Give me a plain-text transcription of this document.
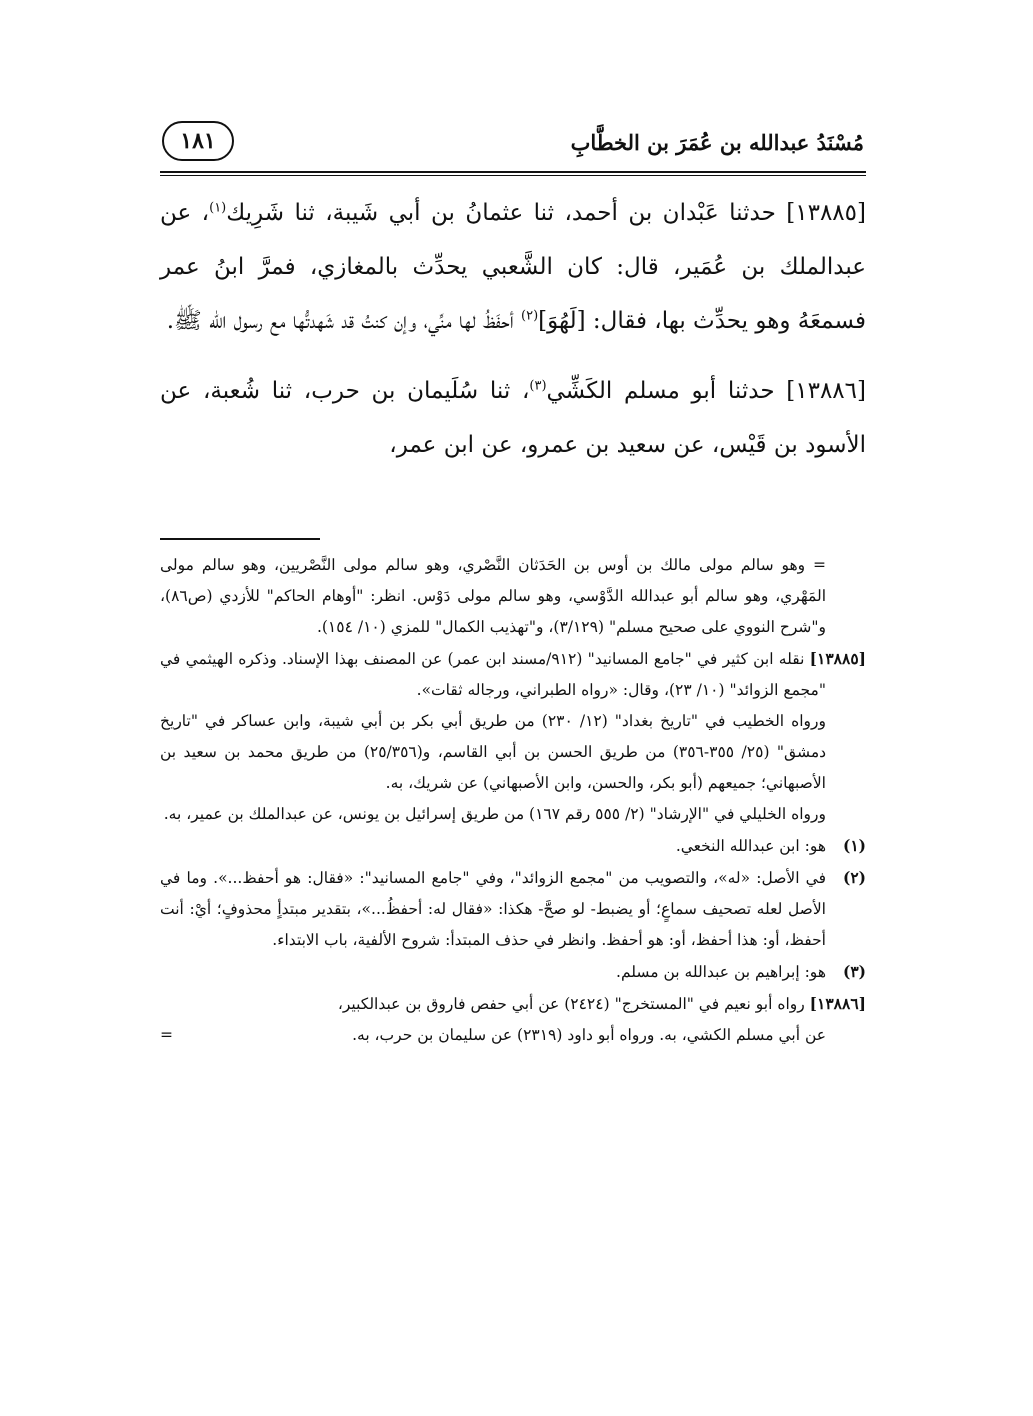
مُسْنَدُ عبدالله بن عُمَرَ بن الخطَّابِ
١٨١

[١٣٨٨٥] حدثنا عَبْدان بن أحمد، ثنا عثمانُ بن أبي شَيبة، ثنا شَرِيك$^{(١)}$، عن عبدالملك بن عُمَير، قال: كان الشَّعبي يحدِّث بالمغازي، فمرَّ ابنُ عمر فسمعَهُ وهو يحدِّث بها، فقال: [لَهُوَ]$^{(٢)}$ أحفَظُ لها منِّي، وإن كنتُ قد شَهدتُّها مع رسول الله ﷺ.

[١٣٨٨٦] حدثنا أبو مسلم الكَشِّي$^{(٣)}$، ثنا سُلَيمان بن حرب، ثنا شُعبة، عن الأسود بن قَيْس، عن سعيد بن عمرو، عن ابن عمر،

= وهو سالم مولى مالك بن أوس بن الحَدَثان النَّصْري، وهو سالم مولى النَّصْريين، وهو سالم مولى المَهْري، وهو سالم أبو عبدالله الدَّوْسي، وهو سالم مولى دَوْس. انظر: "أوهام الحاكم" للأزدي (ص٨٦)، و"شرح النووي على صحيح مسلم" (٣/١٢٩)، و"تهذيب الكمال" للمزي (١٠/ ١٥٤).

[١٣٨٨٥] نقله ابن كثير في "جامع المسانيد" (٩١٢/مسند ابن عمر) عن المصنف بهذا الإسناد. وذكره الهيثمي في "مجمع الزوائد" (١٠/ ٢٣)، وقال: «رواه الطبراني، ورجاله ثقات».

ورواه الخطيب في "تاريخ بغداد" (١٢/ ٢٣٠) من طريق أبي بكر بن أبي شيبة، وابن عساكر في "تاريخ دمشق" (٢٥/ ٣٥٥-٣٥٦) من طريق الحسن بن أبي القاسم، و(٢٥/٣٥٦) من طريق محمد بن سعيد بن الأصبهاني؛ جميعهم (أبو بكر، والحسن، وابن الأصبهاني) عن شريك، به.

ورواه الخليلي في "الإرشاد" (٢/ ٥٥٥ رقم ١٦٧) من طريق إسرائيل بن يونس، عن عبدالملك بن عمير، به.

(١)هو: ابن عبدالله النخعي.

(٢)في الأصل: «له»، والتصويب من "مجمع الزوائد"، وفي "جامع المسانيد": «فقال: هو أحفظ...». وما في الأصل لعله تصحيف سماعٍ؛ أو يضبط- لو صحَّ- هكذا: «فقال له: أحفظُ...»، بتقدير مبتدأٍ محذوفٍ؛ أيْ: أنت أحفظ، أو: هذا أحفظ، أو: هو أحفظ. وانظر في حذف المبتدأ: شروح الألفية، باب الابتداء.

(٣)هو: إبراهيم بن عبدالله بن مسلم.

[١٣٨٨٦] رواه أبو نعيم في "المستخرج" (٢٤٢٤) عن أبي حفص فاروق بن عبدالكبير،

عن أبي مسلم الكشي، به. ورواه أبو داود (٢٣١٩) عن سليمان بن حرب، به.
=
